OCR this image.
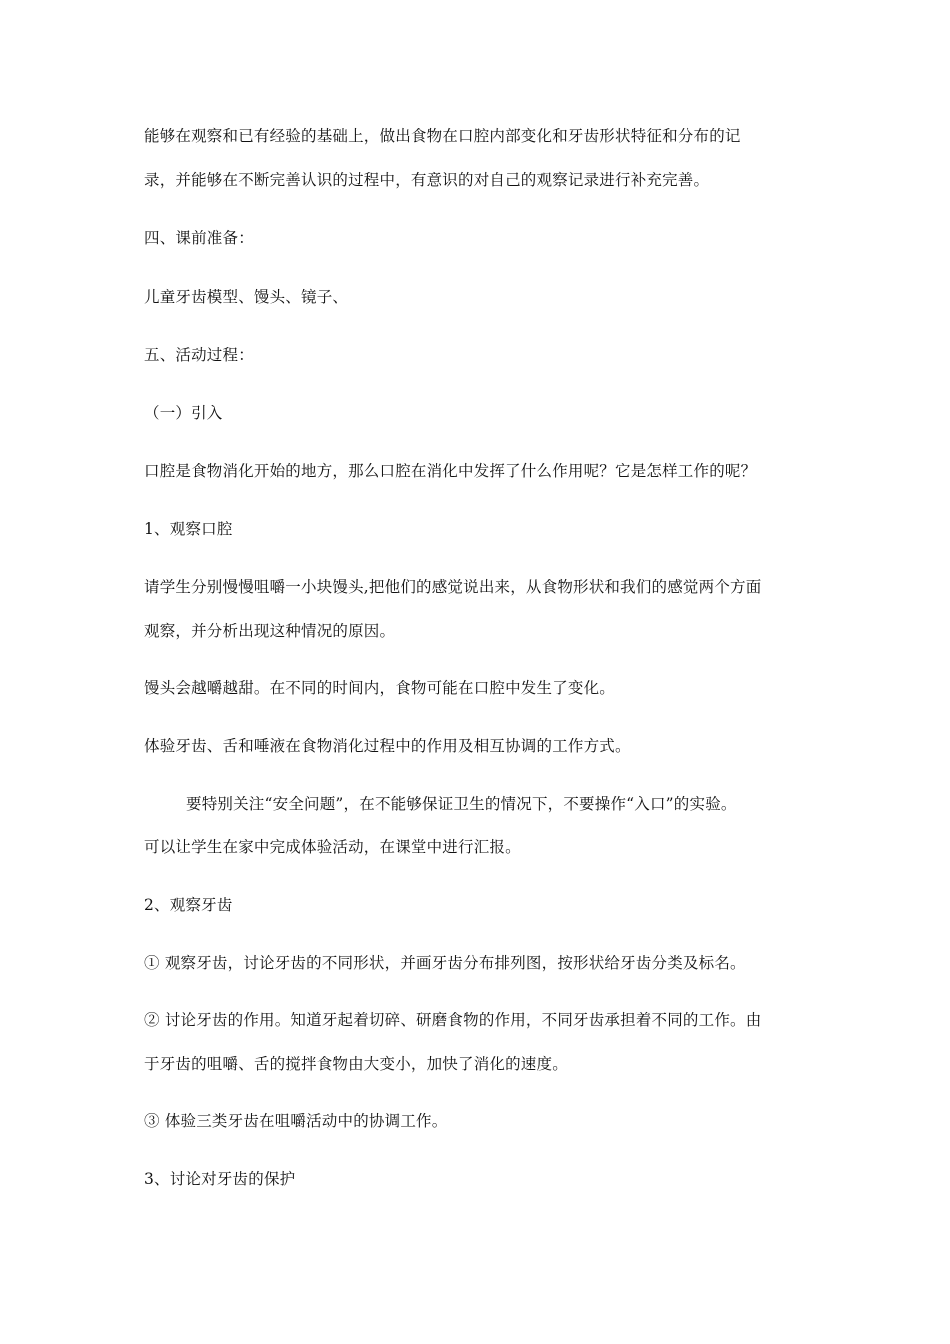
能够在观察和已有经验的基础上，做出食物在口腔内部变化和牙齿形状特征和分布的记
录，并能够在不断完善认识的过程中，有意识的对自己的观察记录进行补充完善。
四、课前准备：
儿童牙齿模型、馒头、镜子、
五、活动过程：
（一）引入
口腔是食物消化开始的地方，那么口腔在消化中发挥了什么作用呢？它是怎样工作的呢？
1、观察口腔
请学生分别慢慢咀嚼一小块馒头,把他们的感觉说出来，从食物形状和我们的感觉两个方面
观察，并分析出现这种情况的原因。
馒头会越嚼越甜。在不同的时间内，食物可能在口腔中发生了变化。
体验牙齿、舌和唾液在食物消化过程中的作用及相互协调的工作方式。
要特别关注“安全问题”，在不能够保证卫生的情况下，不要操作“入口”的实验。
可以让学生在家中完成体验活动，在课堂中进行汇报。
2、观察牙齿
① 观察牙齿，讨论牙齿的不同形状，并画牙齿分布排列图，按形状给牙齿分类及标名。
② 讨论牙齿的作用。知道牙起着切碎、研磨食物的作用，不同牙齿承担着不同的工作。由
于牙齿的咀嚼、舌的搅拌食物由大变小，加快了消化的速度。
③ 体验三类牙齿在咀嚼活动中的协调工作。
3、讨论对牙齿的保护
